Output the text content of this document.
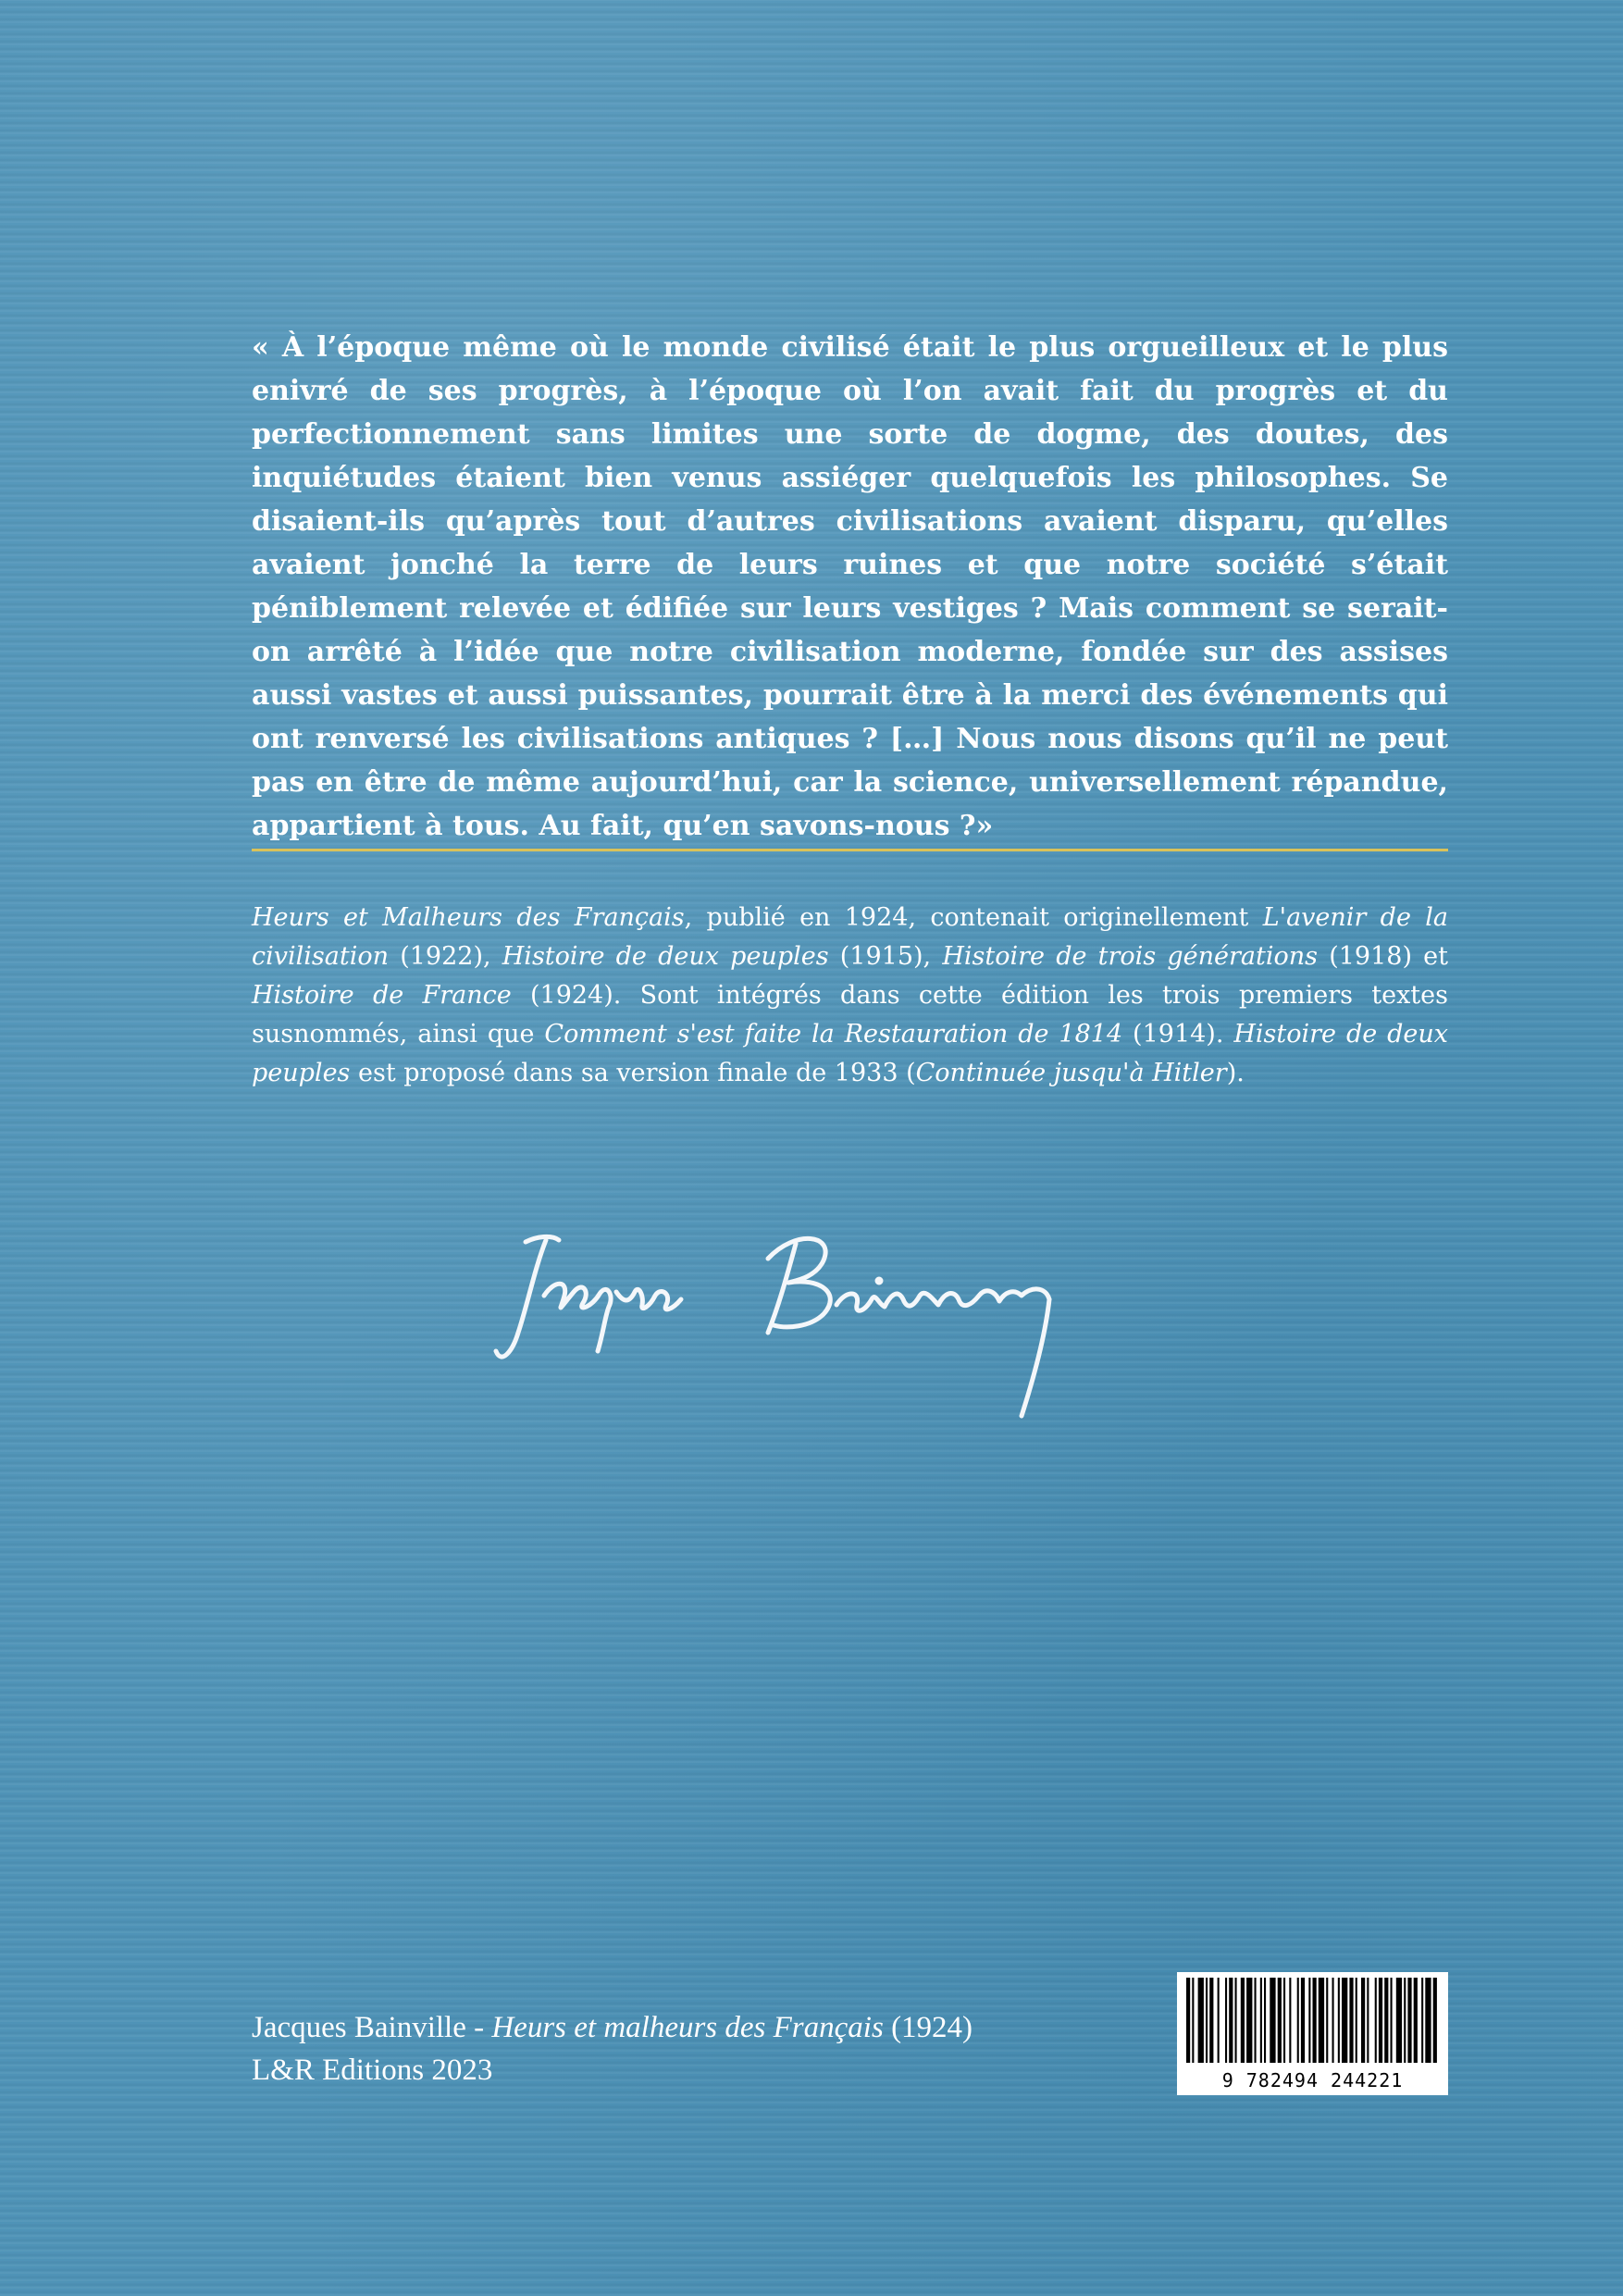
« À l’époque même où le monde civilisé était le plus orgueilleux et le plus enivré de ses progrès, à l’époque où l’on avait fait du progrès et du perfectionnement sans limites une sorte de dogme, des doutes, des inquiétudes étaient bien venus assiéger quelquefois les philosophes. Se disaient-ils qu’après tout d’autres civilisations avaient disparu, qu’elles avaient jonché la terre de leurs ruines et que notre société s’était péniblement relevée et édifiée sur leurs vestiges ? Mais comment se serait-on arrêté à l’idée que notre civilisation moderne, fondée sur des assises aussi vastes et aussi puissantes, pourrait être à la merci des événements qui ont renversé les civilisations antiques ? […] Nous nous disons qu’il ne peut pas en être de même aujourd’hui, car la science, universellement répandue, appartient à tous. Au fait, qu’en savons-nous ?»

Heurs et Malheurs des Français, publié en 1924, contenait originellement L'avenir de la civilisation (1922), Histoire de deux peuples (1915), Histoire de trois générations (1918) et Histoire de France (1924). Sont intégrés dans cette édition les trois premiers textes susnommés, ainsi que Comment s'est faite la Restauration de 1814 (1914). Histoire de deux peuples est proposé dans sa version finale de 1933 (Continuée jusqu'à Hitler).

Jacques Bainville - Heurs et malheurs des Français (1924)
L&R Editions 2023	9 782494 244221
